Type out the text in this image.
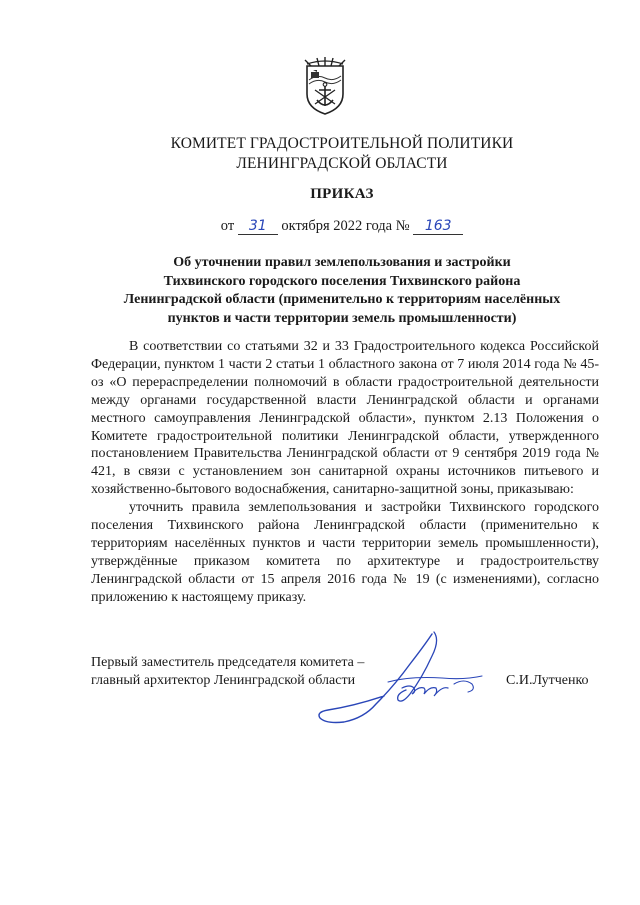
КОМИТЕТ ГРАДОСТРОИТЕЛЬНОЙ ПОЛИТИКИ
ЛЕНИНГРАДСКОЙ ОБЛАСТИ
ПРИКАЗ
от 31 октября 2022 года № 163
Об уточнении правил землепользования и застройки
Тихвинского городского поселения Тихвинского района
Ленинградской области (применительно к территориям населённых
пунктов и части территории земель промышленности)

В соответствии со статьями 32 и 33 Градостроительного кодекса Российской Федерации, пунктом 1 части 2 статьи 1 областного закона от 7 июля 2014 года № 45-оз «О перераспределении полномочий в области градостроительной деятельности между органами государственной власти Ленинградской области и органами местного самоуправления Ленинградской области», пунктом 2.13 Положения о Комитете градостроительной политики Ленинградской области, утвержденного постановлением Правительства Ленинградской области от 9 сентября 2019 года № 421, в связи с установлением зон санитарной охраны источников питьевого и хозяйственно-бытового водоснабжения, санитарно-защитной зоны, приказываю:

уточнить правила землепользования и застройки Тихвинского городского поселения Тихвинского района Ленинградской области (применительно к территориям населённых пунктов и части территории земель промышленности), утверждённые приказом комитета по архитектуре и градостроительству Ленинградской области от 15 апреля 2016 года № 19 (с изменениями), согласно приложению к настоящему приказу.

Первый заместитель председателя комитета –
главный архитектор Ленинградской области	С.И.Лутченко
